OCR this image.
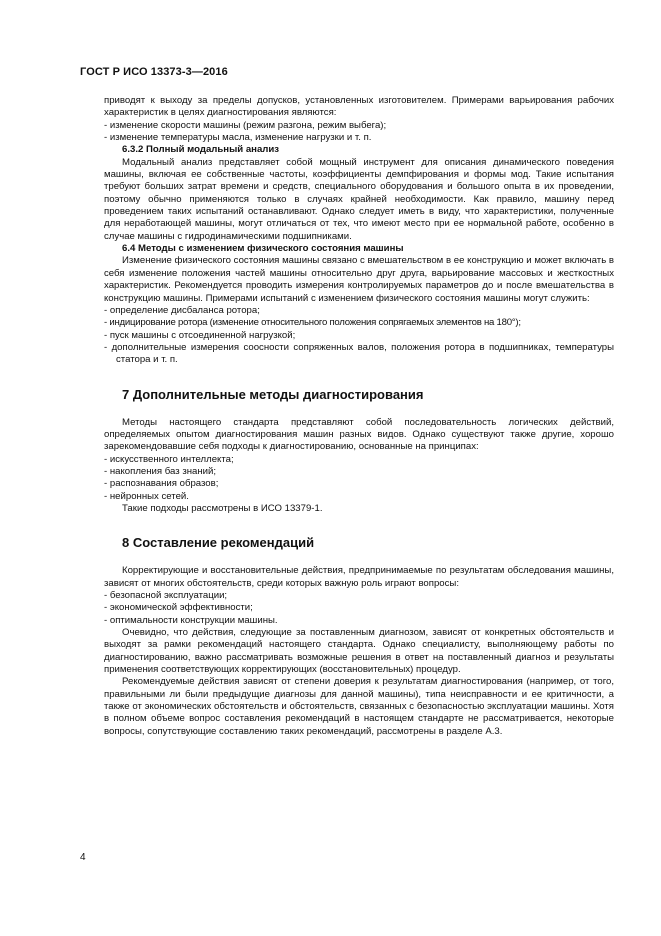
ГОСТ Р ИСО 13373-3—2016

приводят к выходу за пределы допусков, установленных изготовителем. Примерами варьирования рабочих характеристик в целях диагностирования являются:

- изменение скорости машины (режим разгона, режим выбега);
- изменение температуры масла, изменение нагрузки и т. п.

6.3.2 Полный модальный анализ

Модальный анализ представляет собой мощный инструмент для описания динамического поведения машины, включая ее собственные частоты, коэффициенты демпфирования и формы мод. Такие испытания требуют больших затрат времени и средств, специального оборудования и большого опыта в их проведении, поэтому обычно применяются только в случаях крайней необходимости. Как правило, машину перед проведением таких испытаний останавливают. Однако следует иметь в виду, что характеристики, полученные для неработающей машины, могут отличаться от тех, что имеют место при ее нормальной работе, особенно в случае машины с гидродинамическими подшипниками.

6.4 Методы с изменением физического состояния машины

Изменение физического состояния машины связано с вмешательством в ее конструкцию и может включать в себя изменение положения частей машины относительно друг друга, варьирование массовых и жесткостных характеристик. Рекомендуется проводить измерения контролируемых параметров до и после вмешательства в конструкцию машины. Примерами испытаний с изменением физического состояния машины могут служить:

- определение дисбаланса ротора;
- индицирование ротора (изменение относительного положения сопрягаемых элементов на 180°);
- пуск машины с отсоединенной нагрузкой;
- дополнительные измерения соосности сопряженных валов, положения ротора в подшипниках, температуры статора и т. п.

7 Дополнительные методы диагностирования

Методы настоящего стандарта представляют собой последовательность логических действий, определяемых опытом диагностирования машин разных видов. Однако существуют также другие, хорошо зарекомендовавшие себя подходы к диагностированию, основанные на принципах:

- искусственного интеллекта;
- накопления баз знаний;
- распознавания образов;
- нейронных сетей.

Такие подходы рассмотрены в ИСО 13379-1.

8 Составление рекомендаций

Корректирующие и восстановительные действия, предпринимаемые по результатам обследования машины, зависят от многих обстоятельств, среди которых важную роль играют вопросы:

- безопасной эксплуатации;
- экономической эффективности;
- оптимальности конструкции машины.

Очевидно, что действия, следующие за поставленным диагнозом, зависят от конкретных обстоятельств и выходят за рамки рекомендаций настоящего стандарта. Однако специалисту, выполняющему работы по диагностированию, важно рассматривать возможные решения в ответ на поставленный диагноз и результаты применения соответствующих корректирующих (восстановительных) процедур.

Рекомендуемые действия зависят от степени доверия к результатам диагностирования (например, от того, правильными ли были предыдущие диагнозы для данной машины), типа неисправности и ее критичности, а также от экономических обстоятельств и обстоятельств, связанных с безопасностью эксплуатации машины. Хотя в полном объеме вопрос составления рекомендаций в настоящем стандарте не рассматривается, некоторые вопросы, сопутствующие составлению таких рекомендаций, рассмотрены в разделе А.3.

4
